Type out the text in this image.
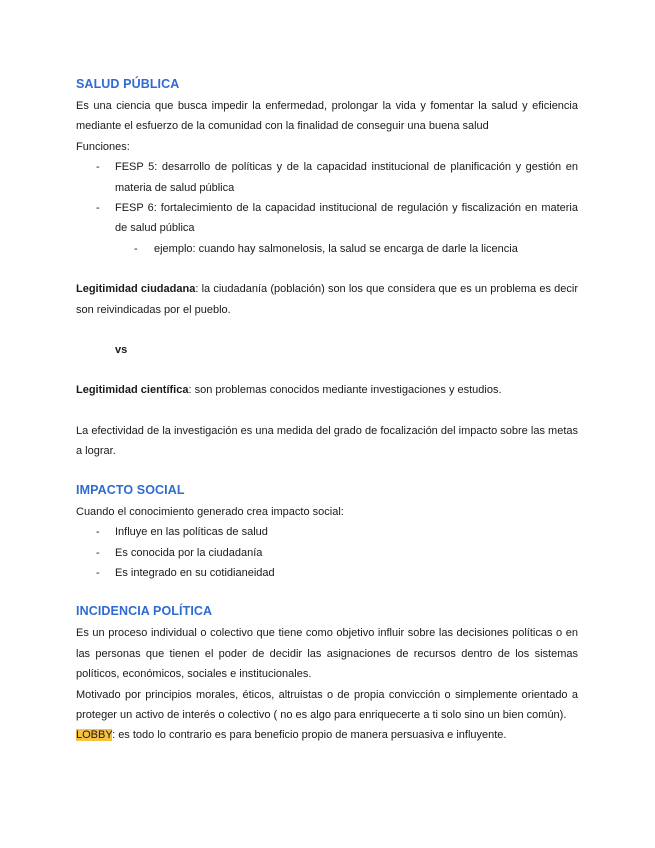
SALUD PÚBLICA

Es una ciencia que busca impedir la enfermedad, prolongar la vida y fomentar la salud y eficiencia mediante el esfuerzo de la comunidad con la finalidad de conseguir una buena salud

Funciones:

- FESP 5: desarrollo de políticas y de la capacidad institucional de planificación y gestión en materia de salud pública
- FESP 6: fortalecimiento de la capacidad institucional de regulación y fiscalización en materia de salud pública
- ejemplo: cuando hay salmonelosis, la salud se encarga de darle la licencia

Legitimidad ciudadana: la ciudadanía (población) son los que considera que es un problema es decir son reivindicadas por el pueblo.

vs

Legitimidad científica: son problemas conocidos mediante investigaciones y estudios.

La efectividad de la investigación es una medida del grado de focalización del impacto sobre las metas a lograr.

IMPACTO SOCIAL

Cuando el conocimiento generado crea impacto social:

- Influye en las políticas de salud
- Es conocida por la ciudadanía
- Es integrado en su cotidianeidad
INCIDENCIA POLÍTICA

Es un proceso individual o colectivo que tiene como objetivo influir sobre las decisiones políticas o en las personas que tienen el poder de decidir las asignaciones de recursos dentro de los sistemas políticos, económicos, sociales e institucionales.

Motivado por principios morales, éticos, altruistas o de propia convicción o simplemente orientado a proteger un activo de interés o colectivo ( no es algo para enriquecerte a ti solo sino un bien común).

LOBBY: es todo lo contrario es para beneficio propio de manera persuasiva e influyente.
